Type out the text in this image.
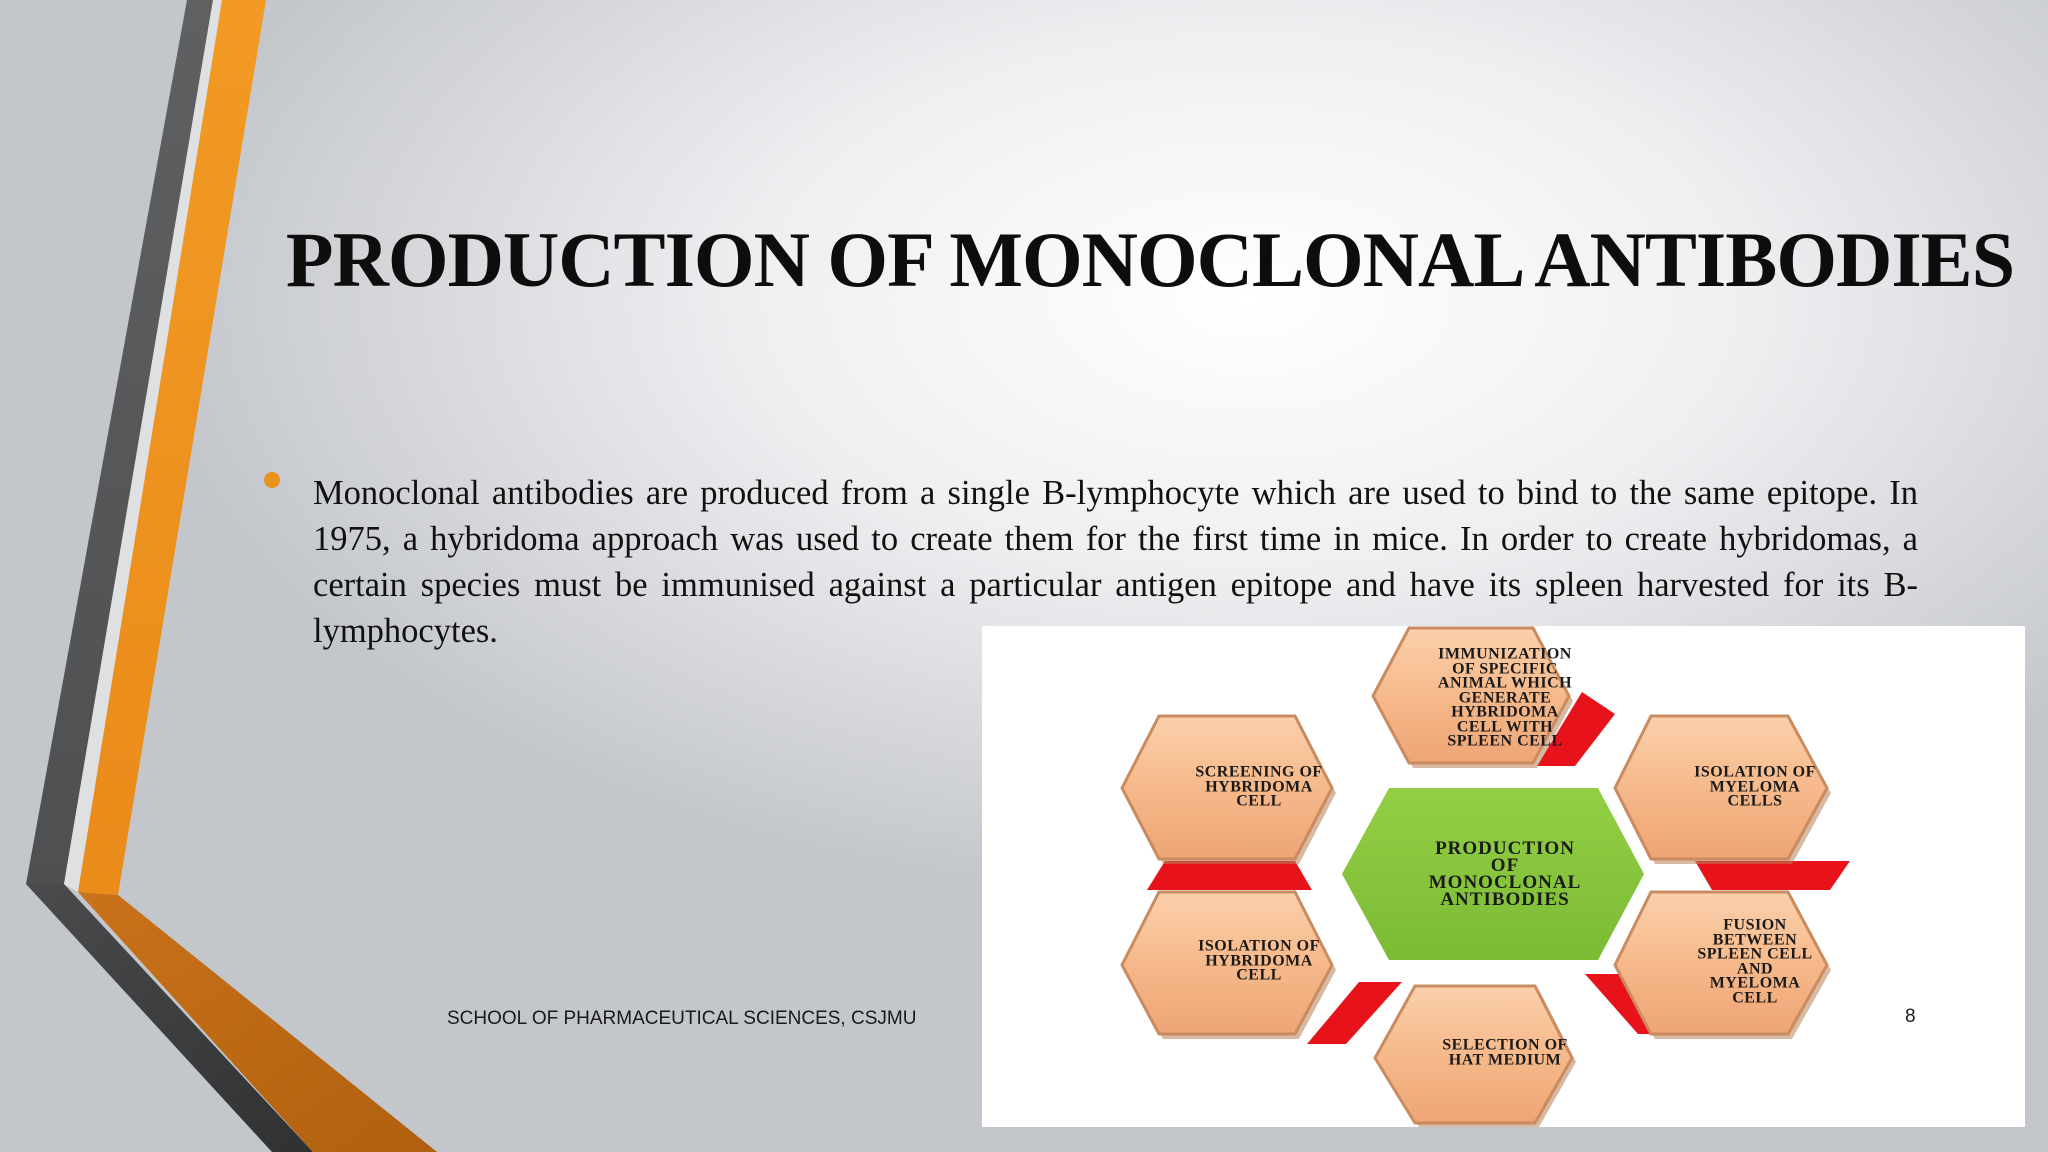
PRODUCTION OF MONOCLONAL ANTIBODIES

Monoclonal antibodies are produced from a single B-lymphocyte which are used to bind to the same epitope. In 1975, a hybridoma approach was used to create them for the first time in mice. In order to create hybridomas, a certain species must be immunised against a particular antigen epitope and have its spleen harvested for its B-lymphocytes.

PRODUCTION
OF
MONOCLONAL
ANTIBODIES
IMMUNIZATION
OF SPECIFIC
ANIMAL WHICH
GENERATE
HYBRIDOMA
CELL WITH
SPLEEN CELL
ISOLATION OF
MYELOMA
CELLS
FUSION
BETWEEN
SPLEEN CELL
AND
MYELOMA
CELL
SELECTION OF
HAT MEDIUM
ISOLATION OF
HYBRIDOMA
CELL
SCREENING OF
HYBRIDOMA
CELL

SCHOOL OF PHARMACEUTICAL SCIENCES, CSJMU	8
